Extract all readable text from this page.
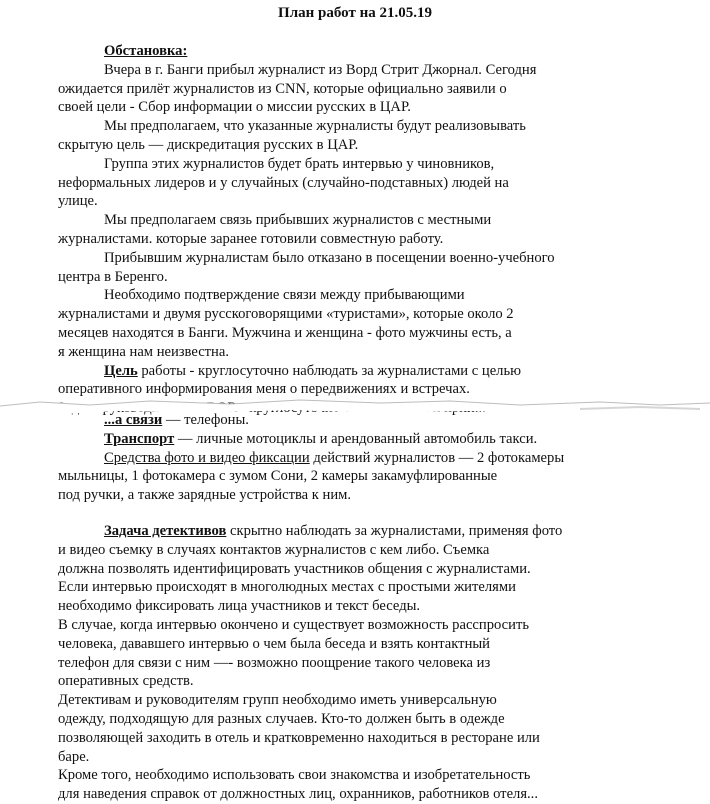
План работ на 21.05.19
Обстановка:
Вчера в г. Банги прибыл журналист из Ворд Стрит Джорнал. Сегодня
ожидается прилёт журналистов из CNN, которые официально заявили о
своей цели - Сбор информации о миссии русских в ЦАР.
Мы предполагаем, что указанные журналисты будут реализовывать
скрытую цель — дискредитация русских в ЦАР.
Группа этих журналистов будет брать интервью у чиновников,
неформальных лидеров и у случайных (случайно-подставных) людей на
улице.
Мы предполагаем связь прибывших журналистов с местными
журналистами. которые заранее готовили совместную работу.
Прибывшим журналистам было отказано в посещении военно-учебного
центра в Беренго.
Необходимо подтверждение связи между прибывающими
журналистами и двумя русскоговорящими «туристами», которые около 2
месяцев находятся в Банги. Мужчина и женщина - фото мужчины есть, а
я женщина нам неизвестна.
Цель работы - круглосуточно наблюдать за журналистами с целью
оперативного информирования меня о передвижениях и встречах.
...а связи — телефоны.
Транспорт — личные мотоциклы и арендованный автомобиль такси.
Средства фото и видео фиксации действий журналистов — 2 фотокамеры
мыльницы, 1 фотокамера с зумом Сони, 2 камеры закамуфлированные
под ручки, а также зарядные устройства к ним.
Задача детективов скрытно наблюдать за журналистами, применяя фото
и видео съемку в случаях контактов журналистов с кем либо. Съемка
должна позволять идентифицировать участников общения с журналистами.
Если интервью происходят в многолюдных местах с простыми жителями
необходимо фиксировать лица участников и текст беседы.
В случае, когда интервью окончено и существует возможность расспросить
человека, дававшего интервью о чем была беседа и взять контактный
телефон для связи с ним —- возможно поощрение такого человека из
оперативных средств.
Детективам и руководителям групп необходимо иметь универсальную
одежду, подходящую для разных случаев. Кто-то должен быть в одежде
позволяющей заходить в отель и кратковременно находиться в ресторане или
баре.
Кроме того, необходимо использовать свои знакомства и изобретательность
для наведения справок от должностных лиц, охранников, работников отеля...
